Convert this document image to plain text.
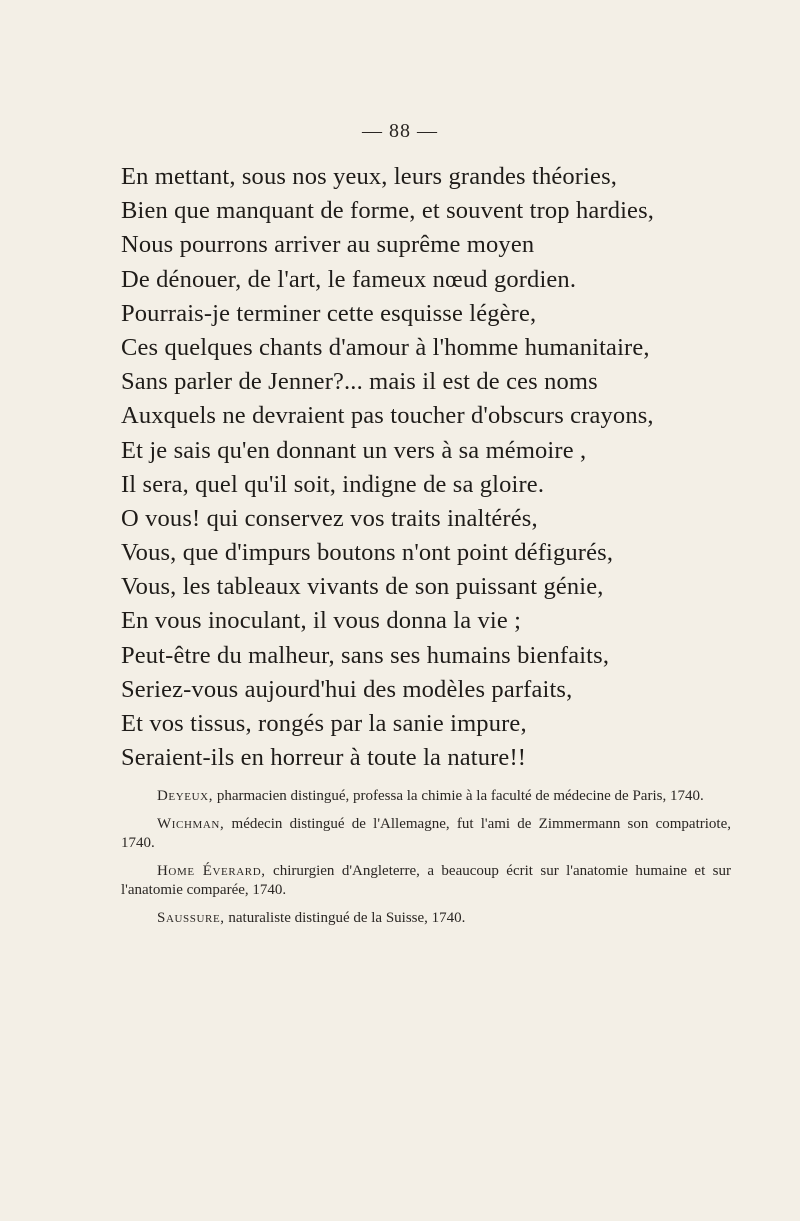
— 88 —
En mettant, sous nos yeux, leurs grandes théories,
Bien que manquant de forme, et souvent trop hardies,
Nous pourrons arriver au suprême moyen
De dénouer, de l'art, le fameux nœud gordien.
Pourrais-je terminer cette esquisse légère,
Ces quelques chants d'amour à l'homme humanitaire,
Sans parler de Jenner?... mais il est de ces noms
Auxquels ne devraient pas toucher d'obscurs crayons,
Et je sais qu'en donnant un vers à sa mémoire ,
Il sera, quel qu'il soit, indigne de sa gloire.
O vous! qui conservez vos traits inaltérés,
Vous, que d'impurs boutons n'ont point défigurés,
Vous, les tableaux vivants de son puissant génie,
En vous inoculant, il vous donna la vie ;
Peut-être du malheur, sans ses humains bienfaits,
Seriez-vous aujourd'hui des modèles parfaits,
Et vos tissus, rongés par la sanie impure,
Seraient-ils en horreur à toute la nature!!
Deyeux, pharmacien distingué, professa la chimie à la faculté de médecine de Paris, 1740.
Wichman, médecin distingué de l'Allemagne, fut l'ami de Zimmermann son compatriote, 1740.
Home Éverard, chirurgien d'Angleterre, a beaucoup écrit sur l'anatomie humaine et sur l'anatomie comparée, 1740.
Saussure, naturaliste distingué de la Suisse, 1740.
